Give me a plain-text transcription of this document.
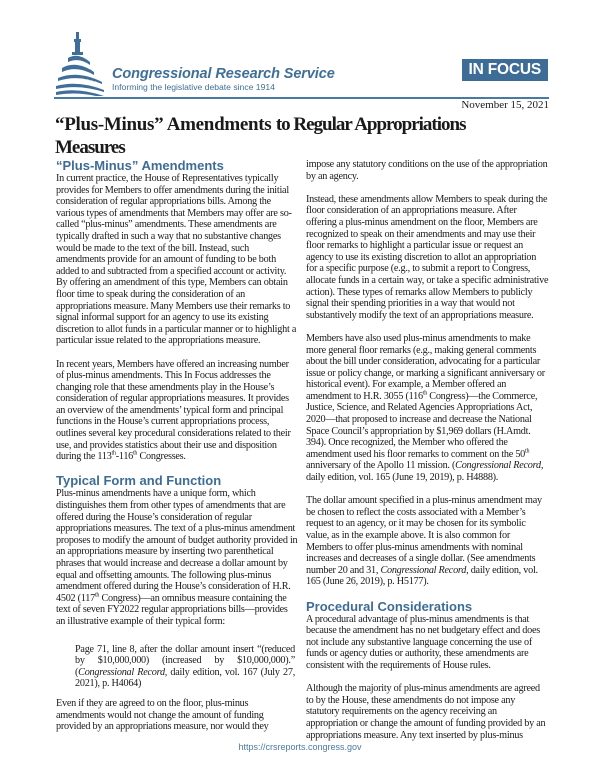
Congressional Research Service
Informing the legislative debate since 1914
IN FOCUS
November 15, 2021
“Plus-Minus” Amendments to Regular Appropriations Measures
“Plus-Minus” Amendments

In current practice, the House of Representatives typically provides for Members to offer amendments during the initial consideration of regular appropriations bills. Among the various types of amendments that Members may offer are so-called “plus-minus” amendments. These amendments are typically drafted in such a way that no substantive changes would be made to the text of the bill. Instead, such amendments provide for an amount of funding to be both added to and subtracted from a specified account or activity. By offering an amendment of this type, Members can obtain floor time to speak during the consideration of an appropriations measure. Many Members use their remarks to signal informal support for an agency to use its existing discretion to allot funds in a particular manner or to highlight a particular issue related to the appropriations measure.

In recent years, Members have offered an increasing number of plus-minus amendments. This In Focus addresses the changing role that these amendments play in the House’s consideration of regular appropriations measures. It provides an overview of the amendments’ typical form and principal functions in the House’s current appropriations process, outlines several key procedural considerations related to their use, and provides statistics about their use and disposition during the 113th-116th Congresses.

Typical Form and Function

Plus-minus amendments have a unique form, which distinguishes them from other types of amendments that are offered during the House’s consideration of regular appropriations measures. The text of a plus-minus amendment proposes to modify the amount of budget authority provided in an appropriations measure by inserting two parenthetical phrases that would increase and decrease a dollar amount by equal and offsetting amounts. The following plus-minus amendment offered during the House’s consideration of H.R. 4502 (117th Congress)—an omnibus measure containing the text of seven FY2022 regular appropriations bills—provides an illustrative example of their typical form:

Page 71, line 8, after the dollar amount insert “(reduced by $10,000,000) (increased by $10,000,000).” (Congressional Record, daily edition, vol. 167 (July 27, 2021), p. H4064)

Even if they are agreed to on the floor, plus-minus amendments would not change the amount of funding provided by an appropriations measure, nor would they

impose any statutory conditions on the use of the appropriation by an agency.

Instead, these amendments allow Members to speak during the floor consideration of an appropriations measure. After offering a plus-minus amendment on the floor, Members are recognized to speak on their amendments and may use their floor remarks to highlight a particular issue or request an agency to use its existing discretion to allot an appropriation for a specific purpose (e.g., to submit a report to Congress, allocate funds in a certain way, or take a specific administrative action). These types of remarks allow Members to publicly signal their spending priorities in a way that would not substantively modify the text of an appropriations measure.

Members have also used plus-minus amendments to make more general floor remarks (e.g., making general comments about the bill under consideration, advocating for a particular issue or policy change, or marking a significant anniversary or historical event). For example, a Member offered an amendment to H.R. 3055 (116th Congress)—the Commerce, Justice, Science, and Related Agencies Appropriations Act, 2020—that proposed to increase and decrease the National Space Council’s appropriation by $1,969 dollars (H.Amdt. 394). Once recognized, the Member who offered the amendment used his floor remarks to comment on the 50th anniversary of the Apollo 11 mission. (Congressional Record, daily edition, vol. 165 (June 19, 2019), p. H4888).

The dollar amount specified in a plus-minus amendment may be chosen to reflect the costs associated with a Member’s request to an agency, or it may be chosen for its symbolic value, as in the example above. It is also common for Members to offer plus-minus amendments with nominal increases and decreases of a single dollar. (See amendments number 20 and 31, Congressional Record, daily edition, vol. 165 (June 26, 2019), p. H5177).

Procedural Considerations

A procedural advantage of plus-minus amendments is that because the amendment has no net budgetary effect and does not include any substantive language concerning the use of funds or agency duties or authority, these amendments are consistent with the requirements of House rules.

Although the majority of plus-minus amendments are agreed to by the House, these amendments do not impose any statutory requirements on the agency receiving an appropriation or change the amount of funding provided by an appropriations measure. Any text inserted by plus-minus

https://crsreports.congress.gov
